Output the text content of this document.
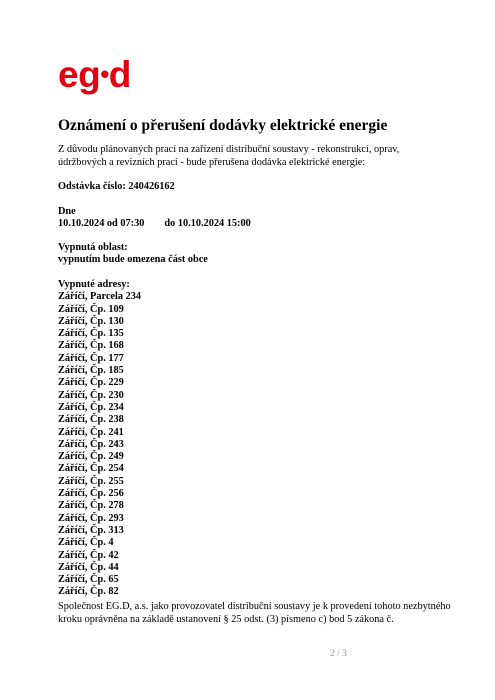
eg•d
Oznámení o přerušení dodávky elektrické energie
Z důvodu plánovaných prací na zařízení distribuční soustavy - rekonstrukcí, oprav, údržbových a revizních prací - bude přerušena dodávka elektrické energie:
Odstávka číslo: 240426162
Dne
10.10.2024 od 07:30 do 10.10.2024 15:00
Vypnutá oblast:
vypnutím bude omezena část obce
Vypnuté adresy:
Záříčí, Parcela 234
Záříčí, Čp. 109
Záříčí, Čp. 130
Záříčí, Čp. 135
Záříčí, Čp. 168
Záříčí, Čp. 177
Záříčí, Čp. 185
Záříčí, Čp. 229
Záříčí, Čp. 230
Záříčí, Čp. 234
Záříčí, Čp. 238
Záříčí, Čp. 241
Záříčí, Čp. 243
Záříčí, Čp. 249
Záříčí, Čp. 254
Záříčí, Čp. 255
Záříčí, Čp. 256
Záříčí, Čp. 278
Záříčí, Čp. 293
Záříčí, Čp. 313
Záříčí, Čp. 4
Záříčí, Čp. 42
Záříčí, Čp. 44
Záříčí, Čp. 65
Záříčí, Čp. 82
Společnost EG.D, a.s. jako provozovatel distribuční soustavy je k provedení tohoto nezbytného kroku oprávněna na základě ustanovení § 25 odst. (3) písmeno c) bod 5 zákona č.
2 / 3
